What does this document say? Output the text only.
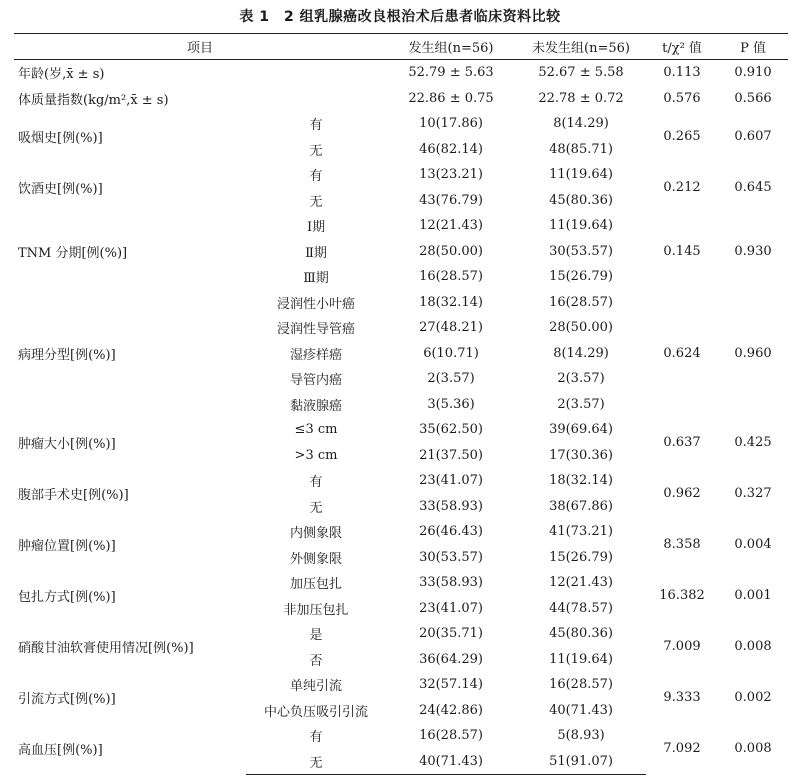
表 1　2 组乳腺癌改良根治术后患者临床资料比较
项目		发生组(n=56)	未发生组(n=56)	t/χ² 值	P 值
年龄(岁,x̄ ± s)		52.79 ± 5.63	52.67 ± 5.58	0.113	0.910
体质量指数(kg/m²,x̄ ± s)		22.86 ± 0.75	22.78 ± 0.72	0.576	0.566
吸烟史[例(%)]	有	10(17.86)	8(14.29)	0.265	0.607
	无	46(82.14)	48(85.71)		
饮酒史[例(%)]	有	13(23.21)	11(19.64)	0.212	0.645
	无	43(76.79)	45(80.36)		
TNM 分期[例(%)]	Ⅰ期	12(21.43)	11(19.64)	0.145	0.930
	Ⅱ期	28(50.00)	30(53.57)		
	Ⅲ期	16(28.57)	15(26.79)		
病理分型[例(%)]	浸润性小叶癌	18(32.14)	16(28.57)	0.624	0.960
	浸润性导管癌	27(48.21)	28(50.00)		
	湿疹样癌	6(10.71)	8(14.29)		
	导管内癌	2(3.57)	2(3.57)		
	黏液腺癌	3(5.36)	2(3.57)		
肿瘤大小[例(%)]	≤3 cm	35(62.50)	39(69.64)	0.637	0.425
	>3 cm	21(37.50)	17(30.36)		
腹部手术史[例(%)]	有	23(41.07)	18(32.14)	0.962	0.327
	无	33(58.93)	38(67.86)		
肿瘤位置[例(%)]	内侧象限	26(46.43)	41(73.21)	8.358	0.004
	外侧象限	30(53.57)	15(26.79)		
包扎方式[例(%)]	加压包扎	33(58.93)	12(21.43)	16.382	0.001
	非加压包扎	23(41.07)	44(78.57)		
硝酸甘油软膏使用情况[例(%)]	是	20(35.71)	45(80.36)	7.009	0.008
	否	36(64.29)	11(19.64)		
引流方式[例(%)]	单纯引流	32(57.14)	16(28.57)	9.333	0.002
	中心负压吸引引流	24(42.86)	40(71.43)		
高血压[例(%)]	有	16(28.57)	5(8.93)	7.092	0.008
	无	40(71.43)	51(91.07)		
